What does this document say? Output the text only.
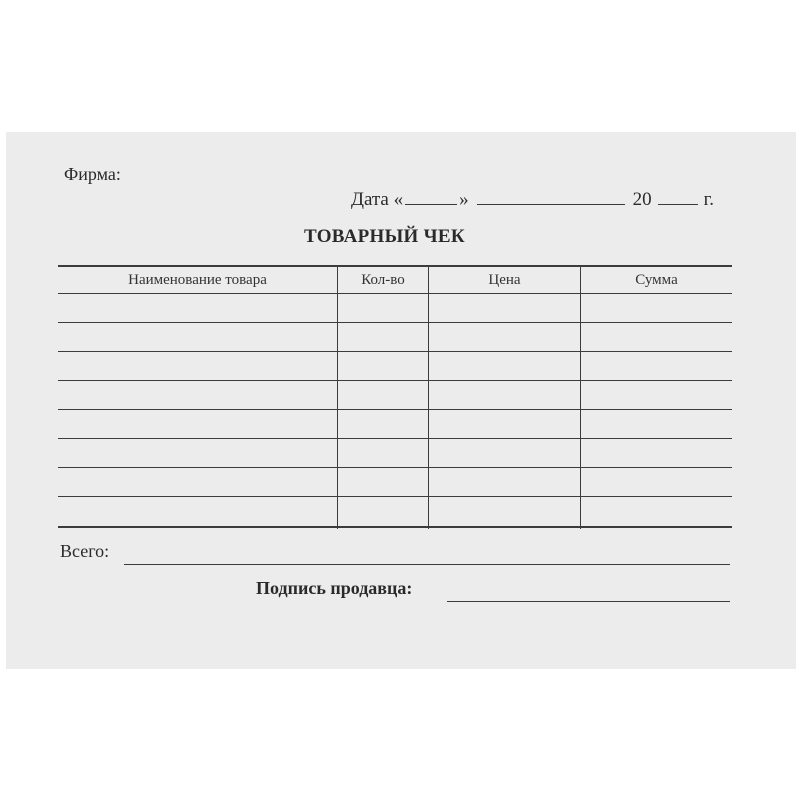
Фирма:
Дата «	»	20	г.
ТОВАРНЫЙ ЧЕК
Наименование товара	Кол-во	Цена	Сумма
Всего:
Подпись продавца:
